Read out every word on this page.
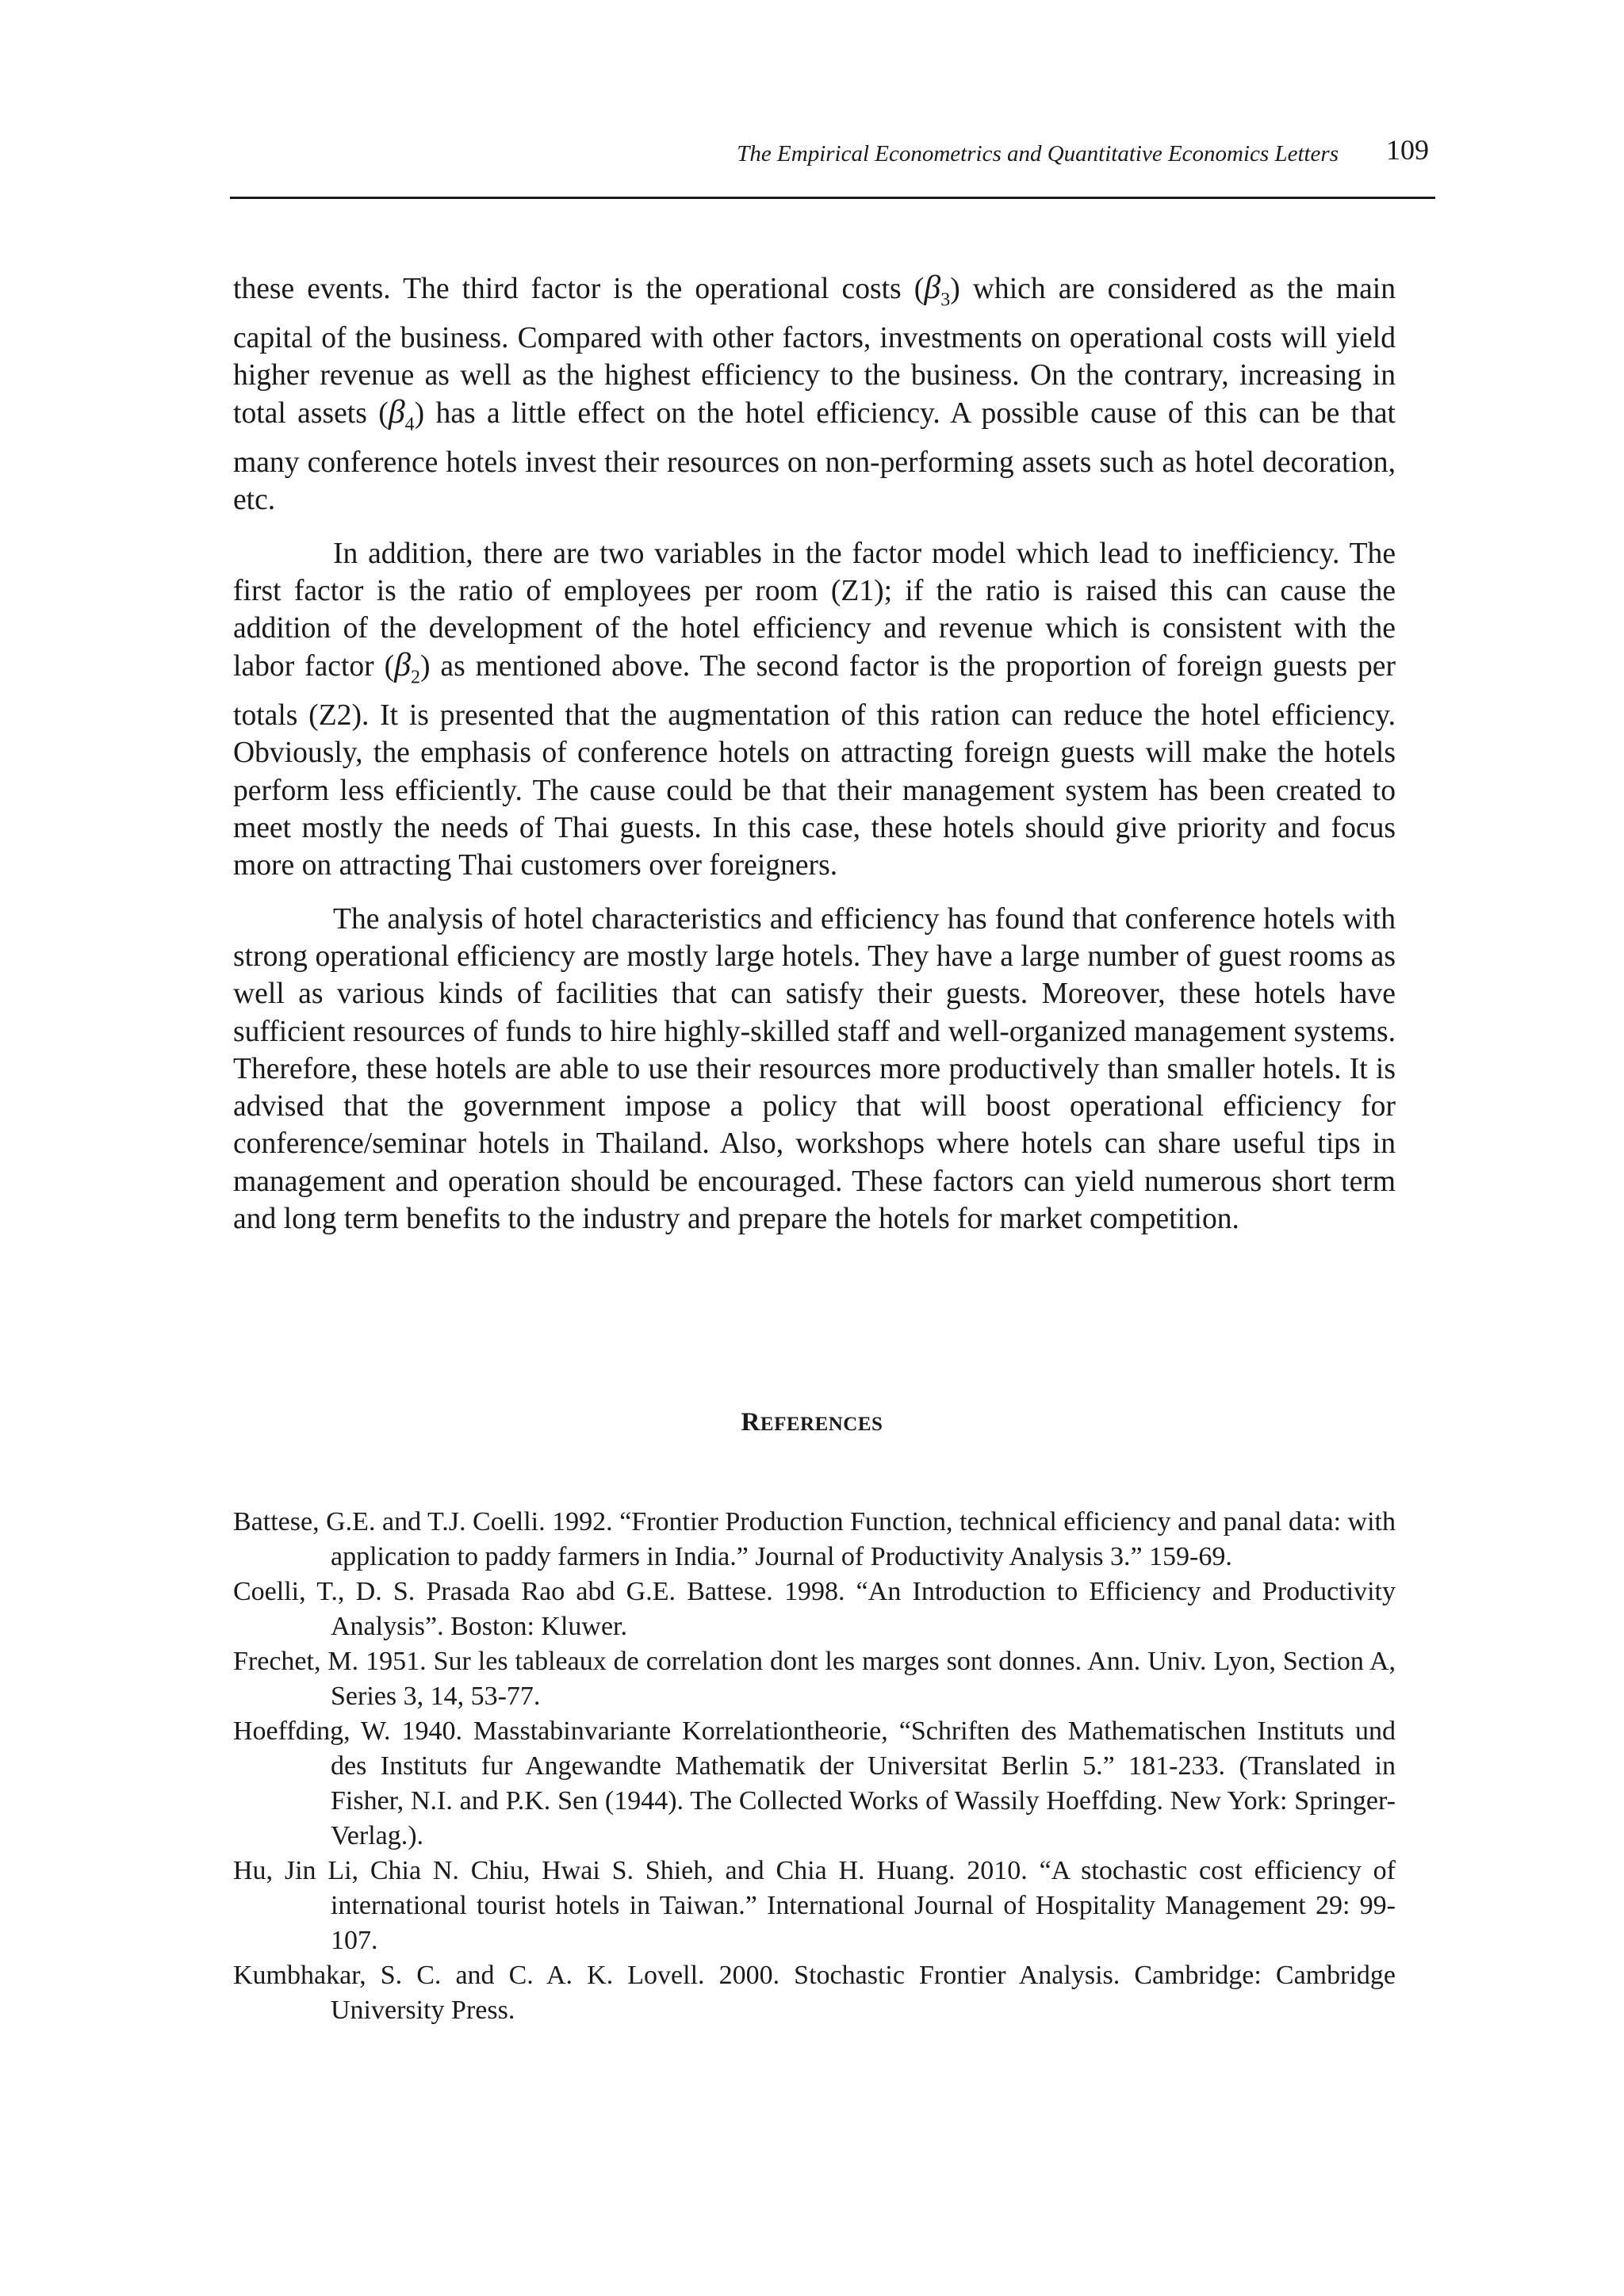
The Empirical Econometrics and Quantitative Economics Letters 109

these events. The third factor is the operational costs $(\beta_3)$ which are considered as the main capital of the business. Compared with other factors, investments on operational costs will yield higher revenue as well as the highest efficiency to the business. On the contrary, increasing in total assets $(\beta_4)$ has a little effect on the hotel efficiency. A possible cause of this can be that many conference hotels invest their resources on non-performing assets such as hotel decoration, etc.

In addition, there are two variables in the factor model which lead to inefficiency. The first factor is the ratio of employees per room (Z1); if the ratio is raised this can cause the addition of the development of the hotel efficiency and revenue which is consistent with the labor factor $(\beta_2)$ as mentioned above. The second factor is the proportion of foreign guests per totals (Z2). It is presented that the augmentation of this ration can reduce the hotel efficiency. Obviously, the emphasis of conference hotels on attracting foreign guests will make the hotels perform less efficiently. The cause could be that their management system has been created to meet mostly the needs of Thai guests. In this case, these hotels should give priority and focus more on attracting Thai customers over foreigners.

The analysis of hotel characteristics and efficiency has found that conference hotels with strong operational efficiency are mostly large hotels. They have a large number of guest rooms as well as various kinds of facilities that can satisfy their guests. Moreover, these hotels have sufficient resources of funds to hire highly-skilled staff and well-organized management systems. Therefore, these hotels are able to use their resources more productively than smaller hotels. It is advised that the government impose a policy that will boost operational efficiency for conference/seminar hotels in Thailand. Also, workshops where hotels can share useful tips in management and operation should be encouraged. These factors can yield numerous short term and long term benefits to the industry and prepare the hotels for market competition.

REFERENCES
Battese, G.E. and T.J. Coelli. 1992. “Frontier Production Function, technical efficiency and panal data: with application to paddy farmers in India.” Journal of Productivity Analysis 3.” 159-69.
Coelli, T., D. S. Prasada Rao abd G.E. Battese. 1998. “An Introduction to Efficiency and Productivity Analysis”. Boston: Kluwer.
Frechet, M. 1951. Sur les tableaux de correlation dont les marges sont donnes. Ann. Univ. Lyon, Section A, Series 3, 14, 53-77.
Hoeffding, W. 1940. Masstabinvariante Korrelationtheorie, “Schriften des Mathematischen Instituts und des Instituts fur Angewandte Mathematik der Universitat Berlin 5.” 181-233. (Translated in Fisher, N.I. and P.K. Sen (1944). The Collected Works of Wassily Hoeffding. New York: Springer-Verlag.).
Hu, Jin Li, Chia N. Chiu, Hwai S. Shieh, and Chia H. Huang. 2010. “A stochastic cost efficiency of international tourist hotels in Taiwan.” International Journal of Hospitality Management 29: 99-107.
Kumbhakar, S. C. and C. A. K. Lovell. 2000. Stochastic Frontier Analysis. Cambridge: Cambridge University Press.
